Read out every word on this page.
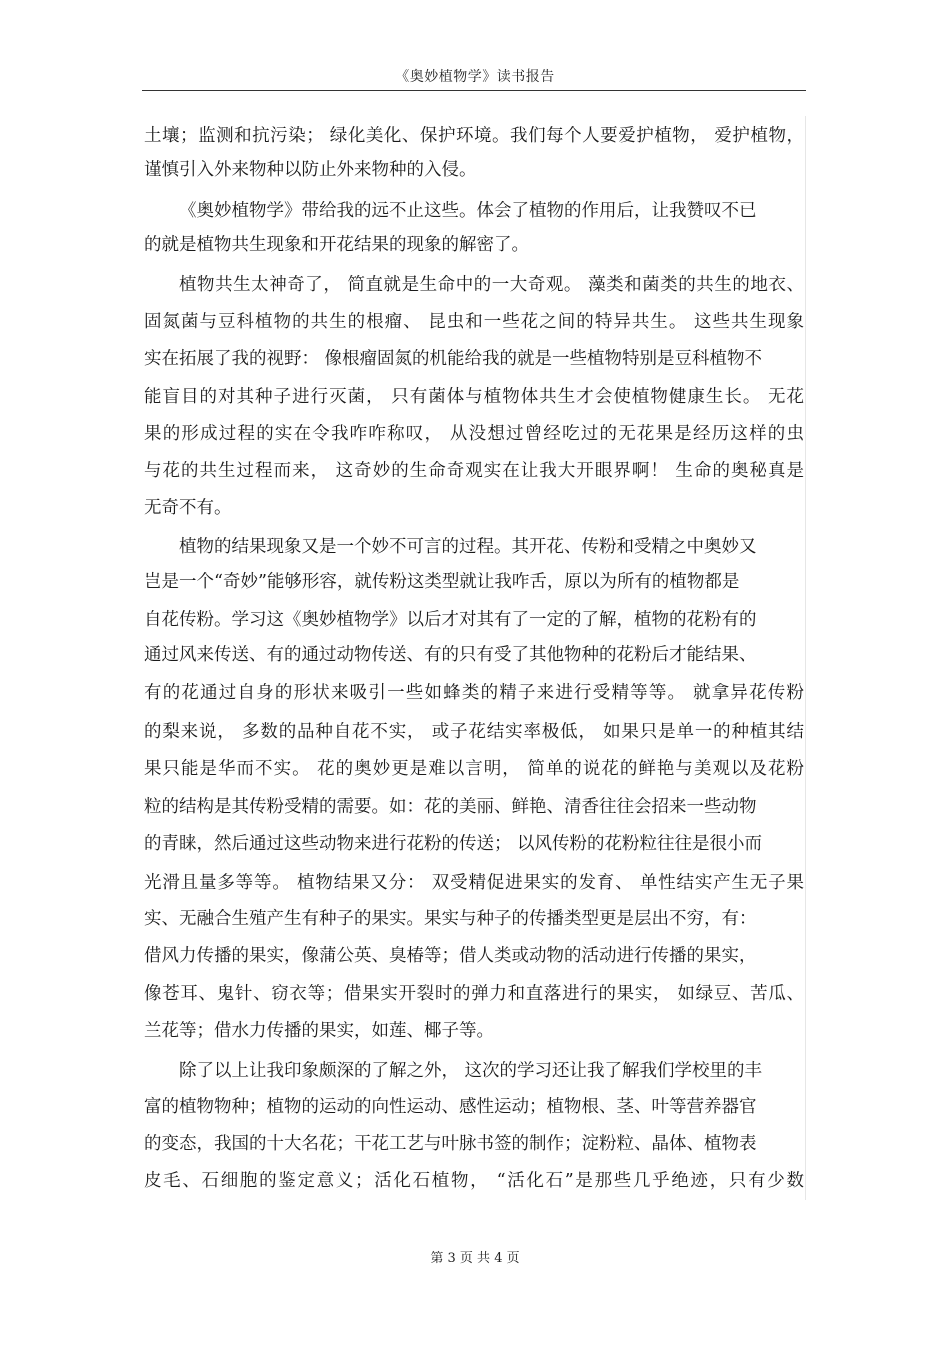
《奥妙植物学》读书报告
土壤；监测和抗污染； 绿化美化、保护环境。我们每个人要爱护植物， 爱护植物，
谨慎引入外来物种以防止外来物种的入侵。
《奥妙植物学》带给我的远不止这些。体会了植物的作用后，让我赞叹不已
的就是植物共生现象和开花结果的现象的解密了。
植物共生太神奇了， 简直就是生命中的一大奇观。 藻类和菌类的共生的地衣、
固氮菌与豆科植物的共生的根瘤、 昆虫和一些花之间的特异共生。 这些共生现象
实在拓展了我的视野： 像根瘤固氮的机能给我的就是一些植物特别是豆科植物不
能盲目的对其种子进行灭菌， 只有菌体与植物体共生才会使植物健康生长。 无花
果的形成过程的实在令我咋咋称叹， 从没想过曾经吃过的无花果是经历这样的虫
与花的共生过程而来， 这奇妙的生命奇观实在让我大开眼界啊！ 生命的奥秘真是
无奇不有。
植物的结果现象又是一个妙不可言的过程。其开花、传粉和受精之中奥妙又
岂是一个“奇妙”能够形容，就传粉这类型就让我咋舌，原以为所有的植物都是
自花传粉。学习这《奥妙植物学》以后才对其有了一定的了解，植物的花粉有的
通过风来传送、有的通过动物传送、有的只有受了其他物种的花粉后才能结果、
有的花通过自身的形状来吸引一些如蜂类的精子来进行受精等等。 就拿异花传粉
的梨来说， 多数的品种自花不实， 或子花结实率极低， 如果只是单一的种植其结
果只能是华而不实。 花的奥妙更是难以言明， 简单的说花的鲜艳与美观以及花粉
粒的结构是其传粉受精的需要。如：花的美丽、鲜艳、清香往往会招来一些动物
的青睐，然后通过这些动物来进行花粉的传送； 以风传粉的花粉粒往往是很小而
光滑且量多等等。 植物结果又分： 双受精促进果实的发育、 单性结实产生无子果
实、无融合生殖产生有种子的果实。果实与种子的传播类型更是层出不穷，有：
借风力传播的果实，像蒲公英、臭椿等；借人类或动物的活动进行传播的果实，
像苍耳、鬼针、窃衣等；借果实开裂时的弹力和直落进行的果实， 如绿豆、苦瓜、
兰花等；借水力传播的果实，如莲、椰子等。
除了以上让我印象颇深的了解之外， 这次的学习还让我了解我们学校里的丰
富的植物物种；植物的运动的向性运动、感性运动；植物根、茎、叶等营养器官
的变态，我国的十大名花；干花工艺与叶脉书签的制作；淀粉粒、晶体、植物表
皮毛、石细胞的鉴定意义；活化石植物， “活化石”是那些几乎绝迹，只有少数
第 3 页 共 4 页
